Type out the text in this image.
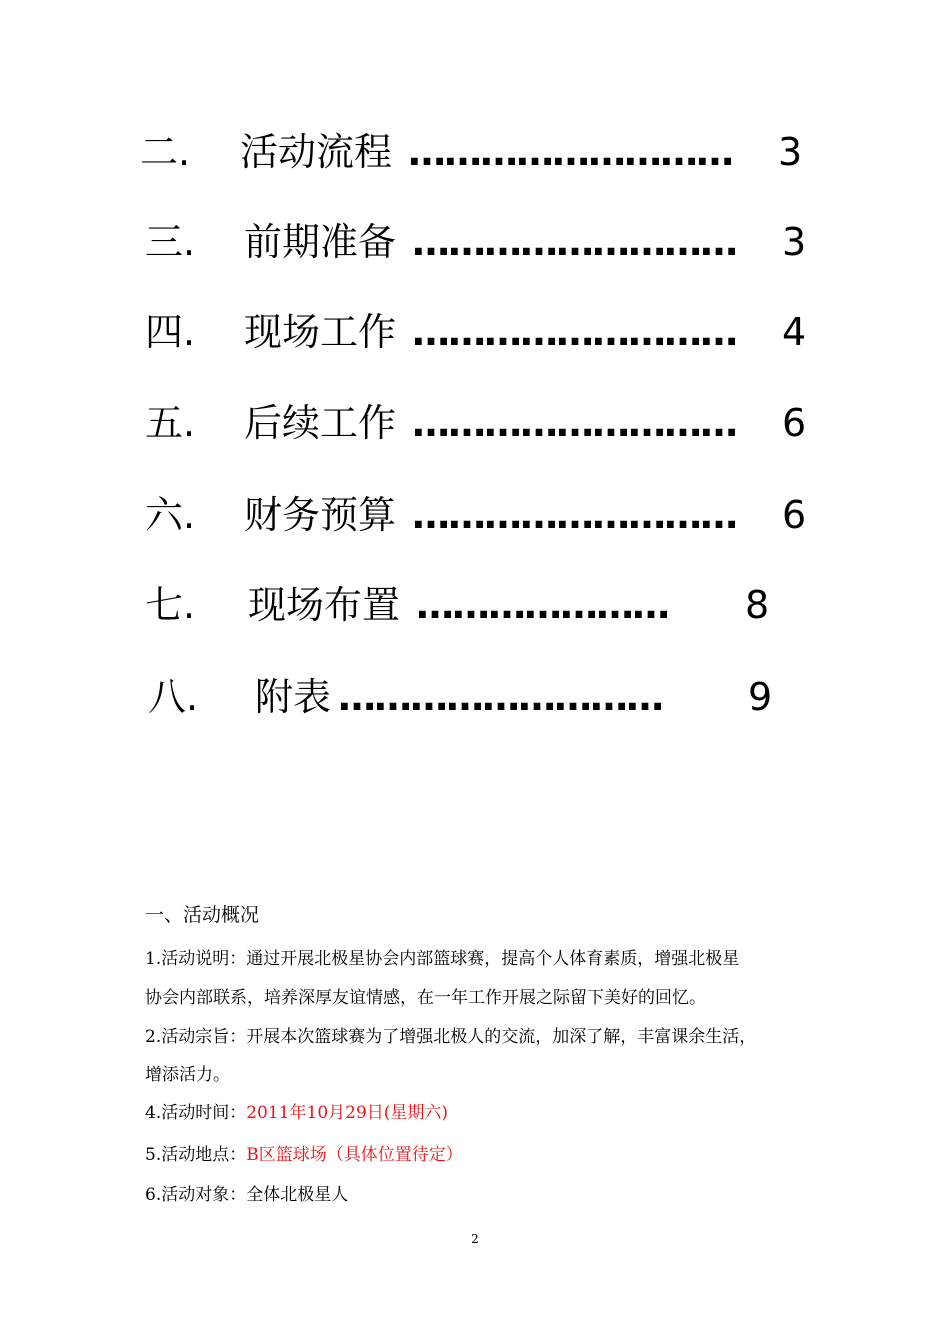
二. 活动流程 ……………………… 3
三. 前期准备 ……………………… 3
四. 现场工作 ……………………… 4
五. 后续工作 ……………………… 6
六. 财务预算 ……………………… 6
七. 现场布置 ………………… 8
八. 附表 ……………………… 9
一、活动概况
1.活动说明：通过开展北极星协会内部篮球赛，提高个人体育素质，增强北极星
协会内部联系，培养深厚友谊情感，在一年工作开展之际留下美好的回忆。
2.活动宗旨：开展本次篮球赛为了增强北极人的交流，加深了解，丰富课余生活，
增添活力。
4.活动时间：2011年10月29日(星期六)
5.活动地点：B区篮球场（具体位置待定）
6.活动对象：全体北极星人
2
